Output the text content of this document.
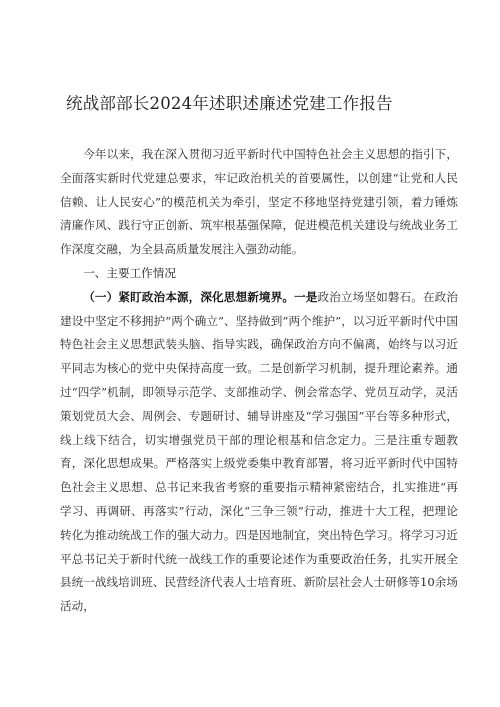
统战部部长2024年述职述廉述党建工作报告

今年以来，我在深入贯彻习近平新时代中国特色社会主义思想的指引下，全面落实新时代党建总要求，牢记政治机关的首要属性，以创建“让党和人民信赖、让人民安心”的模范机关为牵引，坚定不移地坚持党建引领，着力锤炼清廉作风、践行守正创新、筑牢根基强保障，促进模范机关建设与统战业务工作深度交融，为全县高质量发展注入强劲动能。

一、主要工作情况

（一）紧盯政治本源，深化思想新境界。一是政治立场坚如磐石。在政治建设中坚定不移拥护“两个确立”、坚持做到“两个维护”，以习近平新时代中国特色社会主义思想武装头脑、指导实践，确保政治方向不偏离，始终与以习近平同志为核心的党中央保持高度一致。二是创新学习机制，提升理论素养。通过“四学”机制，即领导示范学、支部推动学、例会常态学、党员互动学，灵活策划党员大会、周例会、专题研讨、辅导讲座及“学习强国”平台等多种形式，线上线下结合，切实增强党员干部的理论根基和信念定力。三是注重专题教育，深化思想成果。严格落实上级党委集中教育部署，将习近平新时代中国特色社会主义思想、总书记来我省考察的重要指示精神紧密结合，扎实推进“再学习、再调研、再落实”行动，深化“三争三领”行动，推进十大工程，把理论转化为推动统战工作的强大动力。四是因地制宜，突出特色学习。将学习习近平总书记关于新时代统一战线工作的重要论述作为重要政治任务，扎实开展全县统一战线培训班、民营经济代表人士培育班、新阶层社会人士研修等10余场活动，
